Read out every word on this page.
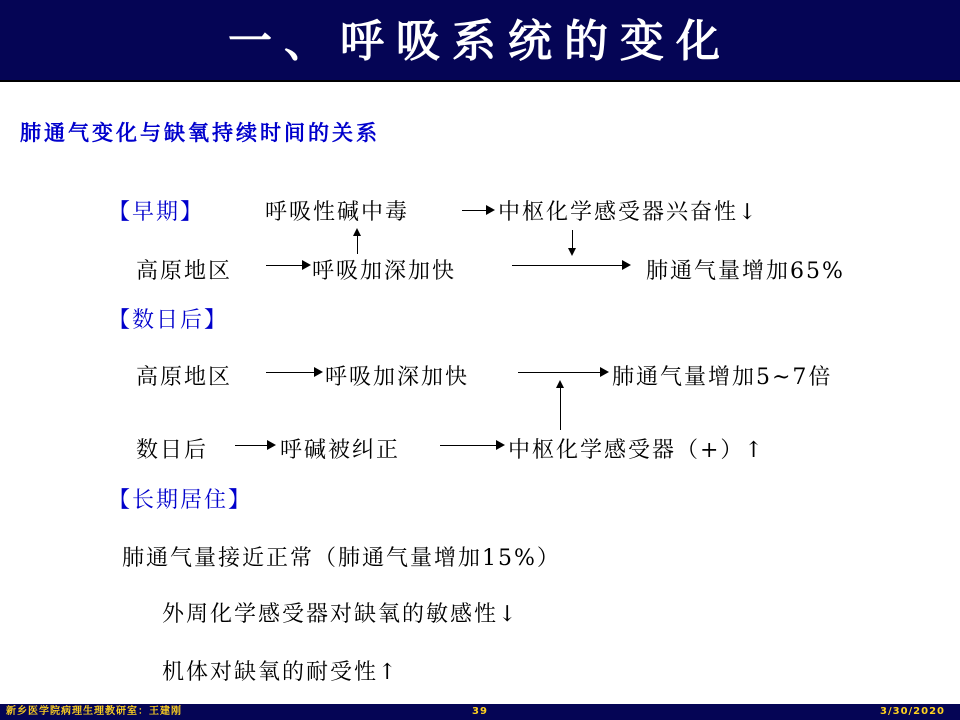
一、呼吸系统的变化
肺通气变化与缺氧持续时间的关系
【早期】	呼吸性碱中毒	中枢化学感受器兴奋性↓
高原地区	呼吸加深加快	肺通气量增加65%
【数日后】
高原地区	呼吸加深加快	肺通气量增加5~7倍
数日后	呼碱被纠正	中枢化学感受器（+）↑
【长期居住】
肺通气量接近正常（肺通气量增加15%）
外周化学感受器对缺氧的敏感性↓
机体对缺氧的耐受性↑
新乡医学院病理生理教研室：王建刚	39	3/30/2020
